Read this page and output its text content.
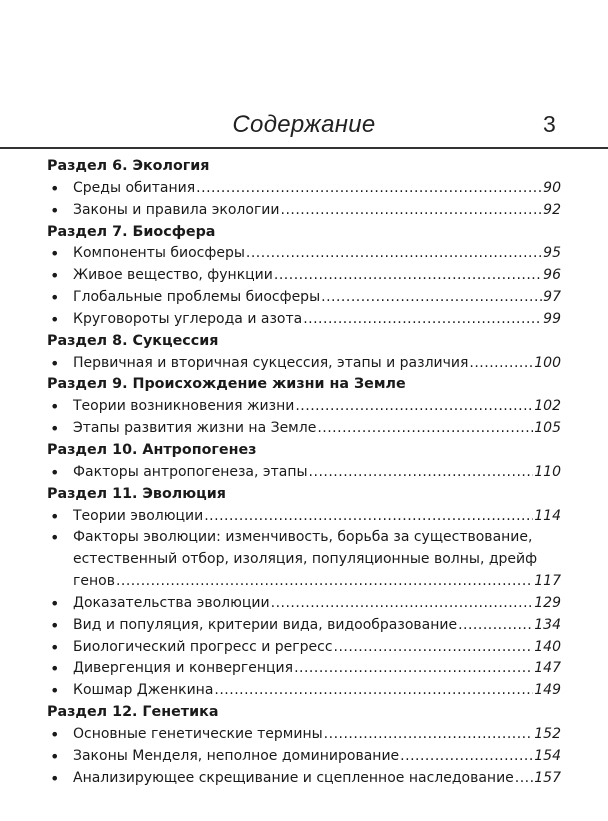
Содержание	3
Раздел 6. Экология
• Среды обитания .....	90
• Законы и правила экологии .....	92
Раздел 7. Биосфера
• Компоненты биосферы .....	95
• Живое вещество, функции .....	96
• Глобальные проблемы биосферы .....	97
• Круговороты углерода и азота .....	99
Раздел 8. Сукцессия
• Первичная и вторичная сукцессия, этапы и различия .....	100
Раздел 9. Происхождение жизни на Земле
• Теории возникновения жизни .....	102
• Этапы развития жизни на Земле .....	105
Раздел 10. Антропогенез
• Факторы антропогенеза, этапы .....	110
Раздел 11. Эволюция
• Теории эволюции .....	114
• Факторы эволюции: изменчивость, борьба за существование,
естественный отбор, изоляция, популяционные волны, дрейф
генов .....	117
• Доказательства эволюции .....	129
• Вид и популяция, критерии вида, видообразование .....	134
• Биологический прогресс и регресс .....	140
• Дивергенция и конвергенция .....	147
• Кошмар Дженкина .....	149
Раздел 12. Генетика
• Основные генетические термины .....	152
• Законы Менделя, неполное доминирование .....	154
• Анализирующее скрещивание и сцепленное наследование ..... 157
